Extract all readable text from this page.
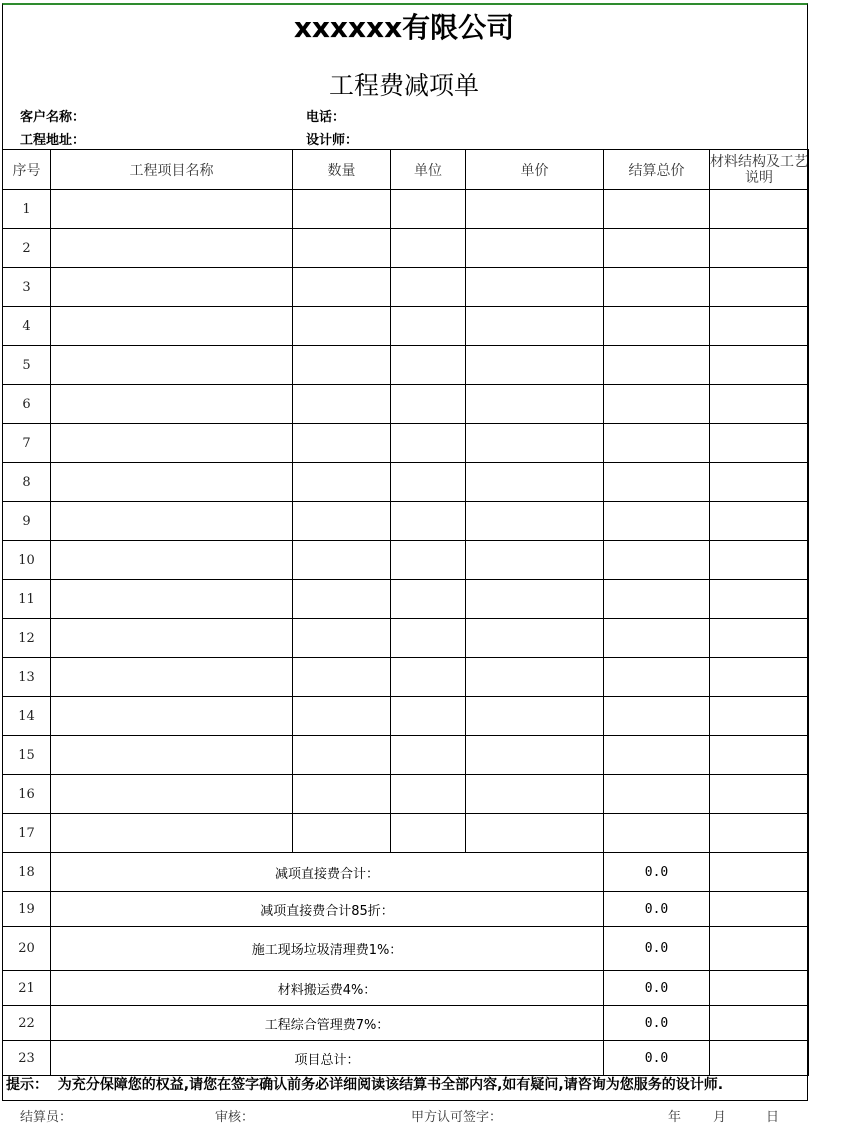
xxxxxx有限公司
工程费减项单
客户名称：	电话：
工程地址：	设计师：
序号	工程项目名称	数量	单位	单价	结算总价	材料结构及工艺说明
1						
2						
3						
4						
5						
6						
7						
8						
9						
10						
11						
12						
13						
14						
15						
16						
17						
18	减项直接费合计：				0.0	
19	减项直接费合计85折：				0.0	
20	施工现场垃圾清理费1%：				0.0	
21	材料搬运费4%：				0.0	
22	工程综合管理费7%：				0.0	
23	项目总计：				0.0	
提示： 为充分保障您的权益,请您在签字确认前务必详细阅读该结算书全部内容,如有疑问,请咨询为您服务的设计师.
结算员：	审核：	甲方认可签字：	年 月	日
